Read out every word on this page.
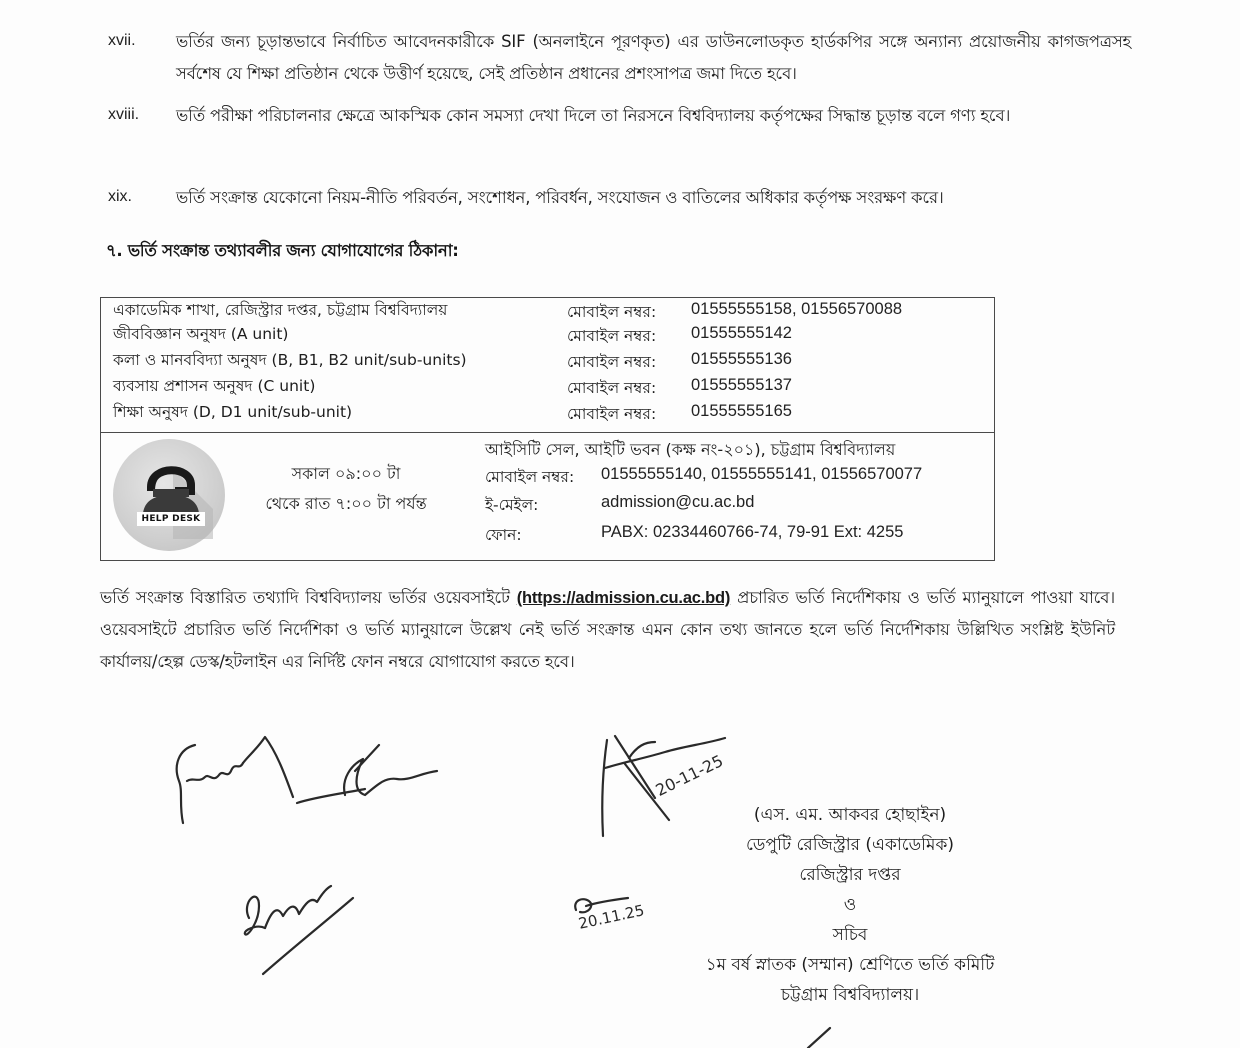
xvii. ভর্তির জন্য চূড়ান্তভাবে নির্বাচিত আবেদনকারীকে SIF (অনলাইনে পূরণকৃত) এর ডাউনলোডকৃত হার্ডকপির সঙ্গে অন্যান্য প্রয়োজনীয় কাগজপত্রসহ সর্বশেষ যে শিক্ষা প্রতিষ্ঠান থেকে উত্তীর্ণ হয়েছে, সেই প্রতিষ্ঠান প্রধানের প্রশংসাপত্র জমা দিতে হবে।

xviii. ভর্তি পরীক্ষা পরিচালনার ক্ষেত্রে আকস্মিক কোন সমস্যা দেখা দিলে তা নিরসনে বিশ্ববিদ্যালয় কর্তৃপক্ষের সিদ্ধান্ত চূড়ান্ত বলে গণ্য হবে।

xix.	ভর্তি সংক্রান্ত যেকোনো নিয়ম-নীতি পরিবর্তন, সংশোধন, পরিবর্ধন, সংযোজন ও বাতিলের অধিকার কর্তৃপক্ষ সংরক্ষণ করে।

৭. ভর্তি সংক্রান্ত তথ্যাবলীর জন্য যোগাযোগের ঠিকানা:
একাডেমিক শাখা, রেজিস্ট্রার দপ্তর, চট্টগ্রাম বিশ্ববিদ্যালয়	মোবাইল নম্বর: 01555555158, 01556570088
জীববিজ্ঞান অনুষদ (A unit)	মোবাইল নম্বর: 01555555142
কলা ও মানববিদ্যা অনুষদ (B, B1, B2 unit/sub-units)	মোবাইল নম্বর: 01555555136
ব্যবসায় প্রশাসন অনুষদ (C unit)	মোবাইল নম্বর: 01555555137
শিক্ষা অনুষদ (D, D1 unit/sub-unit)	মোবাইল নম্বর: 01555555165
HELP DESK
সকাল ০৯:০০ টা
থেকে রাত ৭:০০ টা পর্যন্ত
আইসিটি সেল, আইটি ভবন (কক্ষ নং-২০১), চট্টগ্রাম বিশ্ববিদ্যালয়
মোবাইল নম্বর: 01555555140, 01555555141, 01556570077
ই-মেইল:	admission@cu.ac.bd
ফোন:	PABX: 02334460766-74, 79-91 Ext: 4255

ভর্তি সংক্রান্ত বিস্তারিত তথ্যাদি বিশ্ববিদ্যালয় ভর্তির ওয়েবসাইটে (https://admission.cu.ac.bd) প্রচারিত ভর্তি নির্দেশিকায় ও ভর্তি ম্যানুয়ালে পাওয়া যাবে। ওয়েবসাইটে প্রচারিত ভর্তি নির্দেশিকা ও ভর্তি ম্যানুয়ালে উল্লেখ নেই ভর্তি সংক্রান্ত এমন কোন তথ্য জানতে হলে ভর্তি নির্দেশিকায় উল্লিখিত সংশ্লিষ্ট ইউনিট কার্যালয়/হেল্প ডেস্ক/হটলাইন এর নির্দিষ্ট ফোন নম্বরে যোগাযোগ করতে হবে।

20-11-25
20.11.25
(এস. এম. আকবর হোছাইন)
ডেপুটি রেজিস্ট্রার (একাডেমিক)
রেজিস্ট্রার দপ্তর
ও
সচিব
১ম বর্ষ স্নাতক (সম্মান) শ্রেণিতে ভর্তি কমিটি
চট্টগ্রাম বিশ্ববিদ্যালয়।
